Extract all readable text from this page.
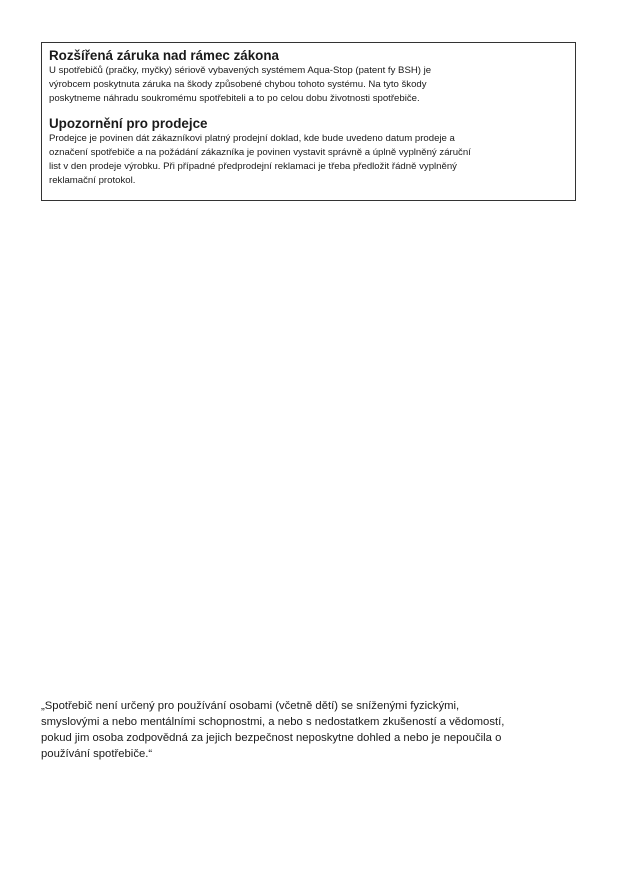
Rozšířená záruka nad rámec zákona

U spotřebičů (pračky, myčky) sériově vybavených systémem Aqua-Stop (patent fy BSH) je

výrobcem poskytnuta záruka na škody způsobené chybou tohoto systému. Na tyto škody

poskytneme náhradu soukromému spotřebiteli a to po celou dobu životnosti spotřebiče.

Upozornění pro prodejce

Prodejce je povinen dát zákazníkovi platný prodejní doklad, kde bude uvedeno datum prodeje a

označení spotřebiče a na požádání zákazníka je povinen vystavit správně a úplně vyplněný záruční

list v den prodeje výrobku. Při případné předprodejní reklamaci je třeba předložit řádně vyplněný

reklamační protokol.

„Spotřebič není určený pro používání osobami (včetně dětí) se sníženými fyzickými,

smyslovými a nebo mentálními schopnostmi, a nebo s nedostatkem zkušeností a vědomostí,

pokud jim osoba zodpovědná za jejich bezpečnost neposkytne dohled a nebo je nepoučila o

používání spotřebiče.“
